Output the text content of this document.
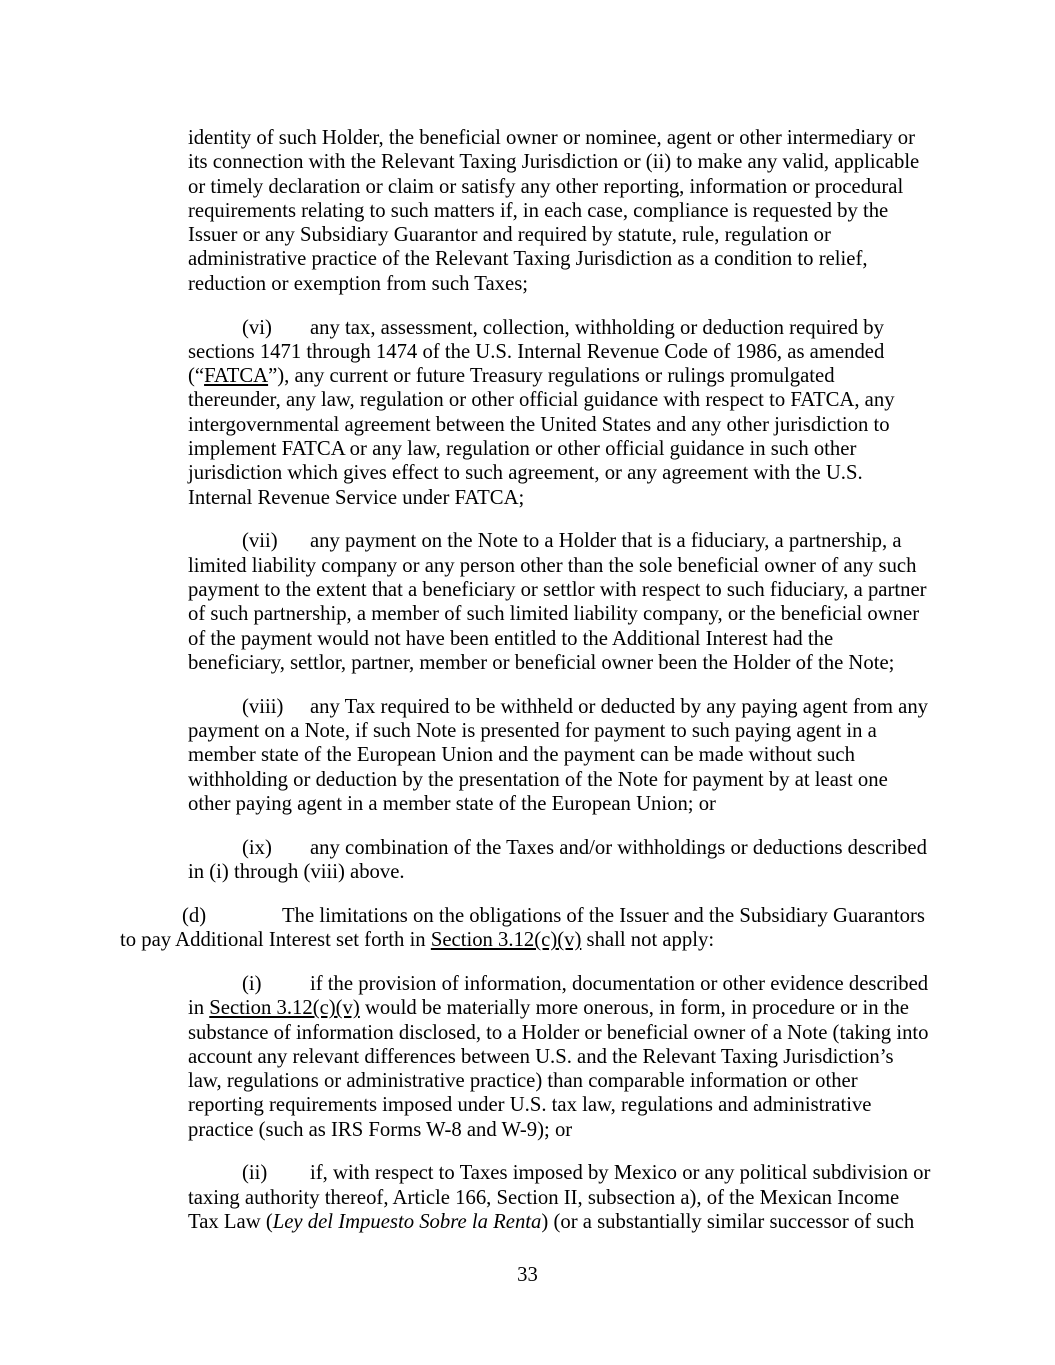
identity of such Holder, the beneficial owner or nominee, agent or other intermediary or its connection with the Relevant Taxing Jurisdiction or (ii) to make any valid, applicable or timely declaration or claim or satisfy any other reporting, information or procedural requirements relating to such matters if, in each case, compliance is requested by the Issuer or any Subsidiary Guarantor and required by statute, rule, regulation or administrative practice of the Relevant Taxing Jurisdiction as a condition to relief, reduction or exemption from such Taxes;

(vi) any tax, assessment, collection, withholding or deduction required by sections 1471 through 1474 of the U.S. Internal Revenue Code of 1986, as amended (“FATCA”), any current or future Treasury regulations or rulings promulgated thereunder, any law, regulation or other official guidance with respect to FATCA, any intergovernmental agreement between the United States and any other jurisdiction to implement FATCA or any law, regulation or other official guidance in such other jurisdiction which gives effect to such agreement, or any agreement with the U.S. Internal Revenue Service under FATCA;

(vii) any payment on the Note to a Holder that is a fiduciary, a partnership, a limited liability company or any person other than the sole beneficial owner of any such payment to the extent that a beneficiary or settlor with respect to such fiduciary, a partner of such partnership, a member of such limited liability company, or the beneficial owner of the payment would not have been entitled to the Additional Interest had the beneficiary, settlor, partner, member or beneficial owner been the Holder of the Note;

(viii) any Tax required to be withheld or deducted by any paying agent from any payment on a Note, if such Note is presented for payment to such paying agent in a member state of the European Union and the payment can be made without such withholding or deduction by the presentation of the Note for payment by at least one other paying agent in a member state of the European Union; or

(ix) any combination of the Taxes and/or withholdings or deductions described in (i) through (viii) above.

(d)	The limitations on the obligations of the Issuer and the Subsidiary Guarantors to pay Additional Interest set forth in Section 3.12(c)(v) shall not apply:

(i) if the provision of information, documentation or other evidence described in Section 3.12(c)(v) would be materially more onerous, in form, in procedure or in the substance of information disclosed, to a Holder or beneficial owner of a Note (taking into account any relevant differences between U.S. and the Relevant Taxing Jurisdiction’s law, regulations or administrative practice) than comparable information or other reporting requirements imposed under U.S. tax law, regulations and administrative practice (such as IRS Forms W-8 and W-9); or

(ii) if, with respect to Taxes imposed by Mexico or any political subdivision or taxing authority thereof, Article 166, Section II, subsection a), of the Mexican Income Tax Law (Ley del Impuesto Sobre la Renta) (or a substantially similar successor of such

33
